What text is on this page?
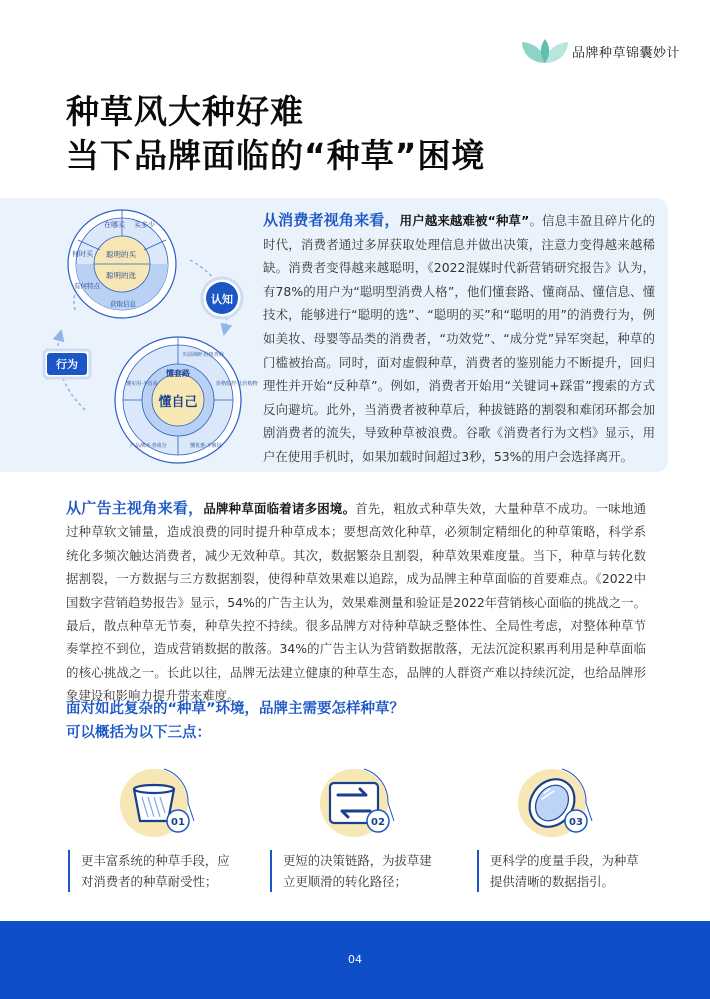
品牌种草锦囊妙计
种草风大种好难
当下品牌面临的“种草”困境
在哪买 买多少
何时买 聪明的买
聪明的选
有何特点
获取信息	认知
行为
懂自己
懂套路
买前调研·价格查询
价格监控·比价购物
懂优惠·不被坑
产品测评·查成分
懂实用·不盲从
从消费者视角来看，用户越来越难被“种草”。信息丰盈且碎片化的时代，消费者通过多屏获取处理信息并做出决策，注意力变得越来越稀缺。消费者变得越来越聪明，《2022混媒时代新营销研究报告》认为，有78%的用户为“聪明型消费人格”，他们懂套路、懂商品、懂信息、懂技术，能够进行“聪明的选”、“聪明的买”和“聪明的用”的消费行为，例如美妆、母婴等品类的消费者，“功效党”、“成分党”异军突起，种草的门槛被抬高。同时，面对虚假种草，消费者的鉴别能力不断提升，回归理性并开始“反种草”。例如，消费者开始用“关键词+踩雷”搜索的方式反向避坑。此外，当消费者被种草后，种拔链路的割裂和难闭环都会加剧消费者的流失，导致种草被浪费。谷歌《消费者行为文档》显示，用户在使用手机时，如果加载时间超过3秒，53%的用户会选择离开。
从广告主视角来看，品牌种草面临着诸多困境。首先，粗放式种草失效，大量种草不成功。一味地通过种草软文铺量，造成浪费的同时提升种草成本；要想高效化种草，必须制定精细化的种草策略，科学系统化多频次触达消费者，减少无效种草。其次，数据繁杂且割裂，种草效果难度量。当下，种草与转化数据割裂，一方数据与三方数据割裂，使得种草效果难以追踪，成为品牌主种草面临的首要难点。《2022中国数字营销趋势报告》显示，54%的广告主认为，效果难测量和验证是2022年营销核心面临的挑战之一。最后，散点种草无节奏，种草失控不持续。很多品牌方对待种草缺乏整体性、全局性考虑，对整体种草节奏掌控不到位，造成营销数据的散落。34%的广告主认为营销数据散落，无法沉淀积累再利用是种草面临的核心挑战之一。长此以往，品牌无法建立健康的种草生态，品牌的人群资产难以持续沉淀，也给品牌形象建设和影响力提升带来难度。
面对如此复杂的“种草”环境，品牌主需要怎样种草？
可以概括为以下三点：
01	02	03
更丰富系统的种草手段，应对消费者的种草耐受性；
更短的决策链路，为拔草建立更顺滑的转化路径；
更科学的度量手段，为种草提供清晰的数据指引。
04
